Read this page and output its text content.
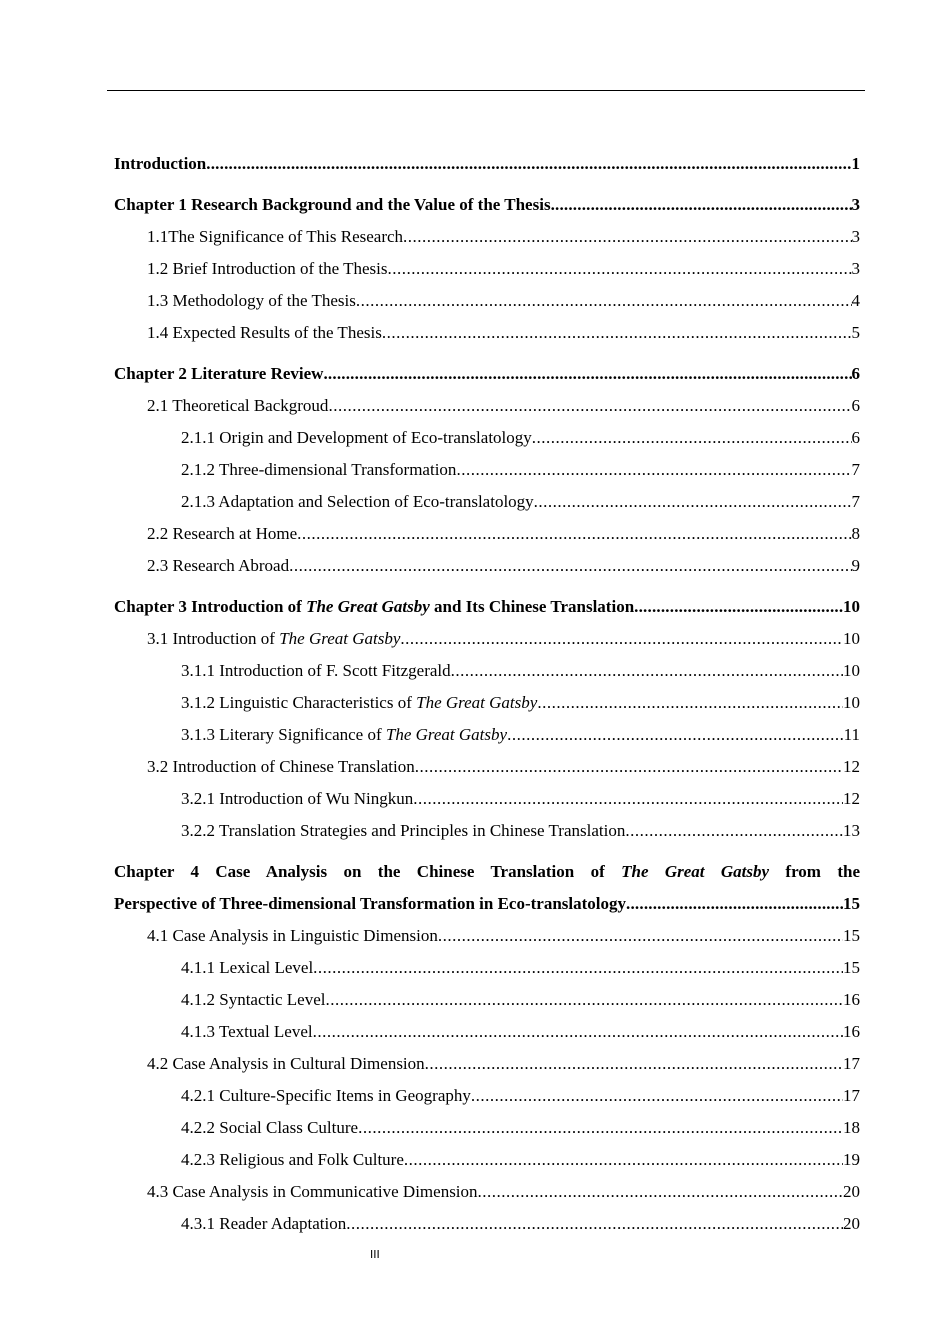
Introduction .....	1
Chapter 1 Research Background and the Value of the Thesis .....	3
1.1The Significance of This Research .....	3
1.2 Brief Introduction of the Thesis .....	3
1.3 Methodology of the Thesis .....	4
1.4 Expected Results of the Thesis .....	5
Chapter 2 Literature Review .....	6
2.1 Theoretical Backgroud .....	6
2.1.1 Origin and Development of Eco-translatology .....	6
2.1.2 Three-dimensional Transformation .....	7
2.1.3 Adaptation and Selection of Eco-translatology .....	7
2.2 Research at Home .....	8
2.3 Research Abroad .....	9
Chapter 3 Introduction of The Great Gatsby and Its Chinese Translation .....	10
3.1 Introduction of The Great Gatsby .....	10
3.1.1 Introduction of F. Scott Fitzgerald .....	10
3.1.2 Linguistic Characteristics of The Great Gatsby .....	10
3.1.3 Literary Significance of The Great Gatsby .....	11
3.2 Introduction of Chinese Translation .....	12
3.2.1 Introduction of Wu Ningkun .....	12
3.2.2 Translation Strategies and Principles in Chinese Translation .....	13
Chapter 4 Case Analysis on the Chinese Translation of The Great Gatsby from the
Perspective of Three-dimensional Transformation in Eco-translatology .....	15
4.1 Case Analysis in Linguistic Dimension .....	15
4.1.1 Lexical Level .....	15
4.1.2 Syntactic Level .....	16
4.1.3 Textual Level .....	16
4.2 Case Analysis in Cultural Dimension .....	17
4.2.1 Culture-Specific Items in Geography .....	17
4.2.2 Social Class Culture .....	18
4.2.3 Religious and Folk Culture .....	19
4.3 Case Analysis in Communicative Dimension .....	20
4.3.1 Reader Adaptation .....	20
III
